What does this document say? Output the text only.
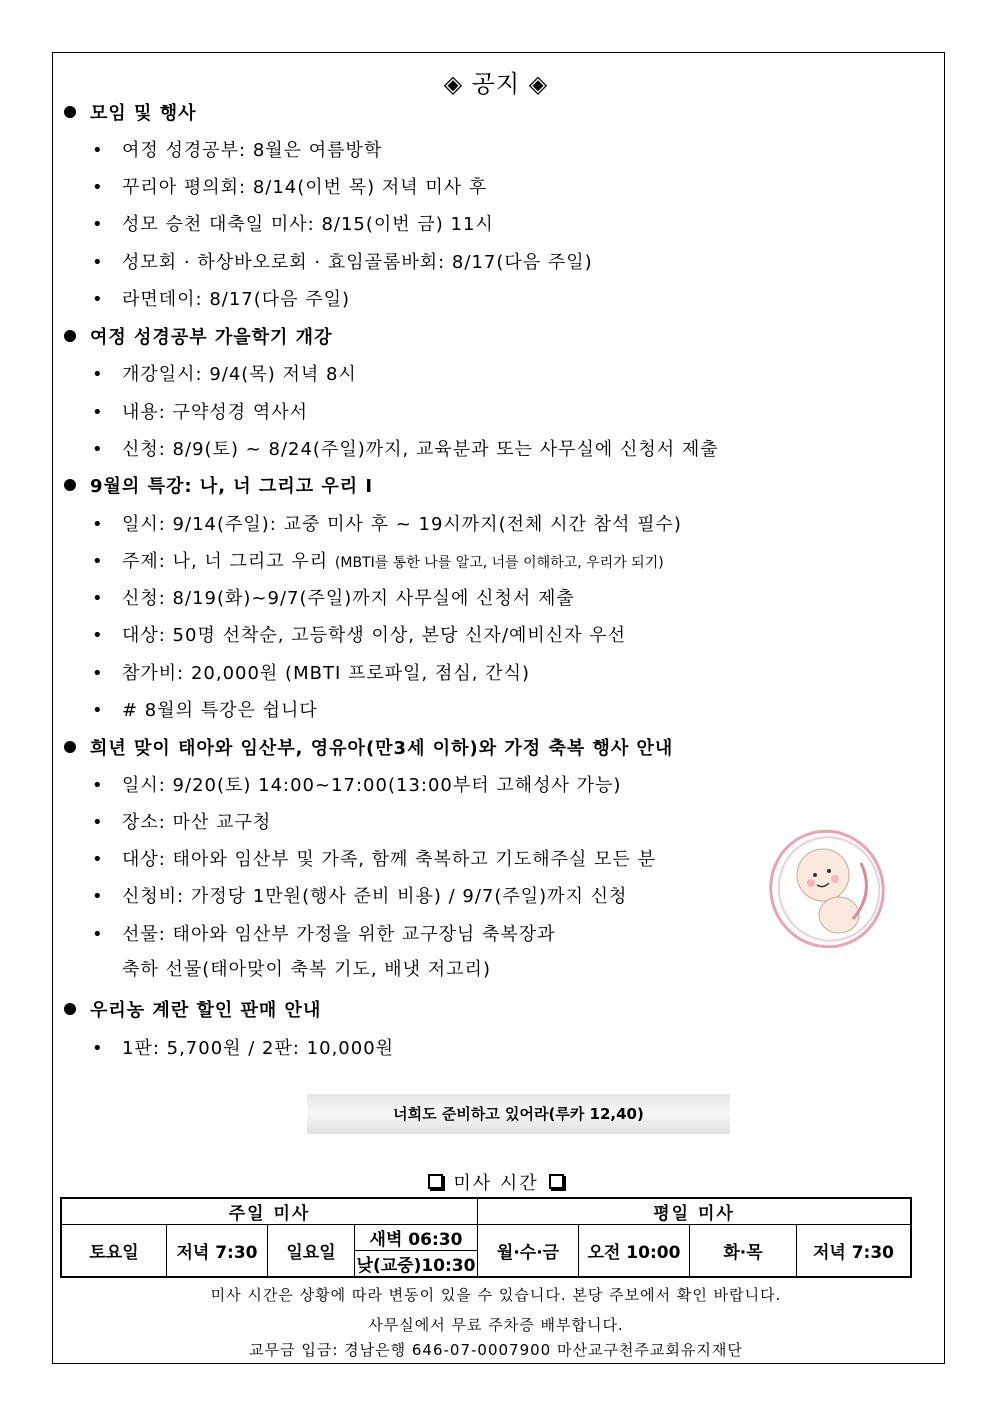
◈ 공지 ◈
모임 및 행사
• 여정 성경공부: 8월은 여름방학
• 꾸리아 평의회: 8/14(이번 목) 저녁 미사 후
• 성모 승천 대축일 미사: 8/15(이번 금) 11시
• 성모회 · 하상바오로회 · 효임골롬바회: 8/17(다음 주일)
• 라면데이: 8/17(다음 주일)
여정 성경공부 가을학기 개강
• 개강일시: 9/4(목) 저녁 8시
• 내용: 구약성경 역사서
• 신청: 8/9(토) ~ 8/24(주일)까지, 교육분과 또는 사무실에 신청서 제출
9월의 특강: 나, 너 그리고 우리 I
• 일시: 9/14(주일): 교중 미사 후 ~ 19시까지(전체 시간 참석 필수)
• 주제: 나, 너 그리고 우리 (MBTI를 통한 나를 알고, 너를 이해하고, 우리가 되기)
• 신청: 8/19(화)~9/7(주일)까지 사무실에 신청서 제출
• 대상: 50명 선착순, 고등학생 이상, 본당 신자/예비신자 우선
• 참가비: 20,000원 (MBTI 프로파일, 점심, 간식)
• # 8월의 특강은 쉽니다
희년 맞이 태아와 임산부, 영유아(만3세 이하)와 가정 축복 행사 안내
• 일시: 9/20(토) 14:00~17:00(13:00부터 고해성사 가능)
• 장소: 마산 교구청
• 대상: 태아와 임산부 및 가족, 함께 축복하고 기도해주실 모든 분
• 신청비: 가정당 1만원(행사 준비 비용) / 9/7(주일)까지 신청
• 선물: 태아와 임산부 가정을 위한 교구장님 축복장과
축하 선물(태아맞이 축복 기도, 배냇 저고리)
우리농 계란 할인 판매 안내
• 1판: 5,700원 / 2판: 10,000원
너희도 준비하고 있어라(루카 12,40)
미사 시간
주일 미사				평일 미사			
토요일	저녁 7:30	일요일	새벽 06:30	월·수·금	오전 10:00	화·목	저녁 7:30
			낮(교중)10:30				
미사 시간은 상황에 따라 변동이 있을 수 있습니다. 본당 주보에서 확인 바랍니다.
사무실에서 무료 주차증 배부합니다.
교무금 입금: 경남은행 646-07-0007900 마산교구천주교회유지재단
